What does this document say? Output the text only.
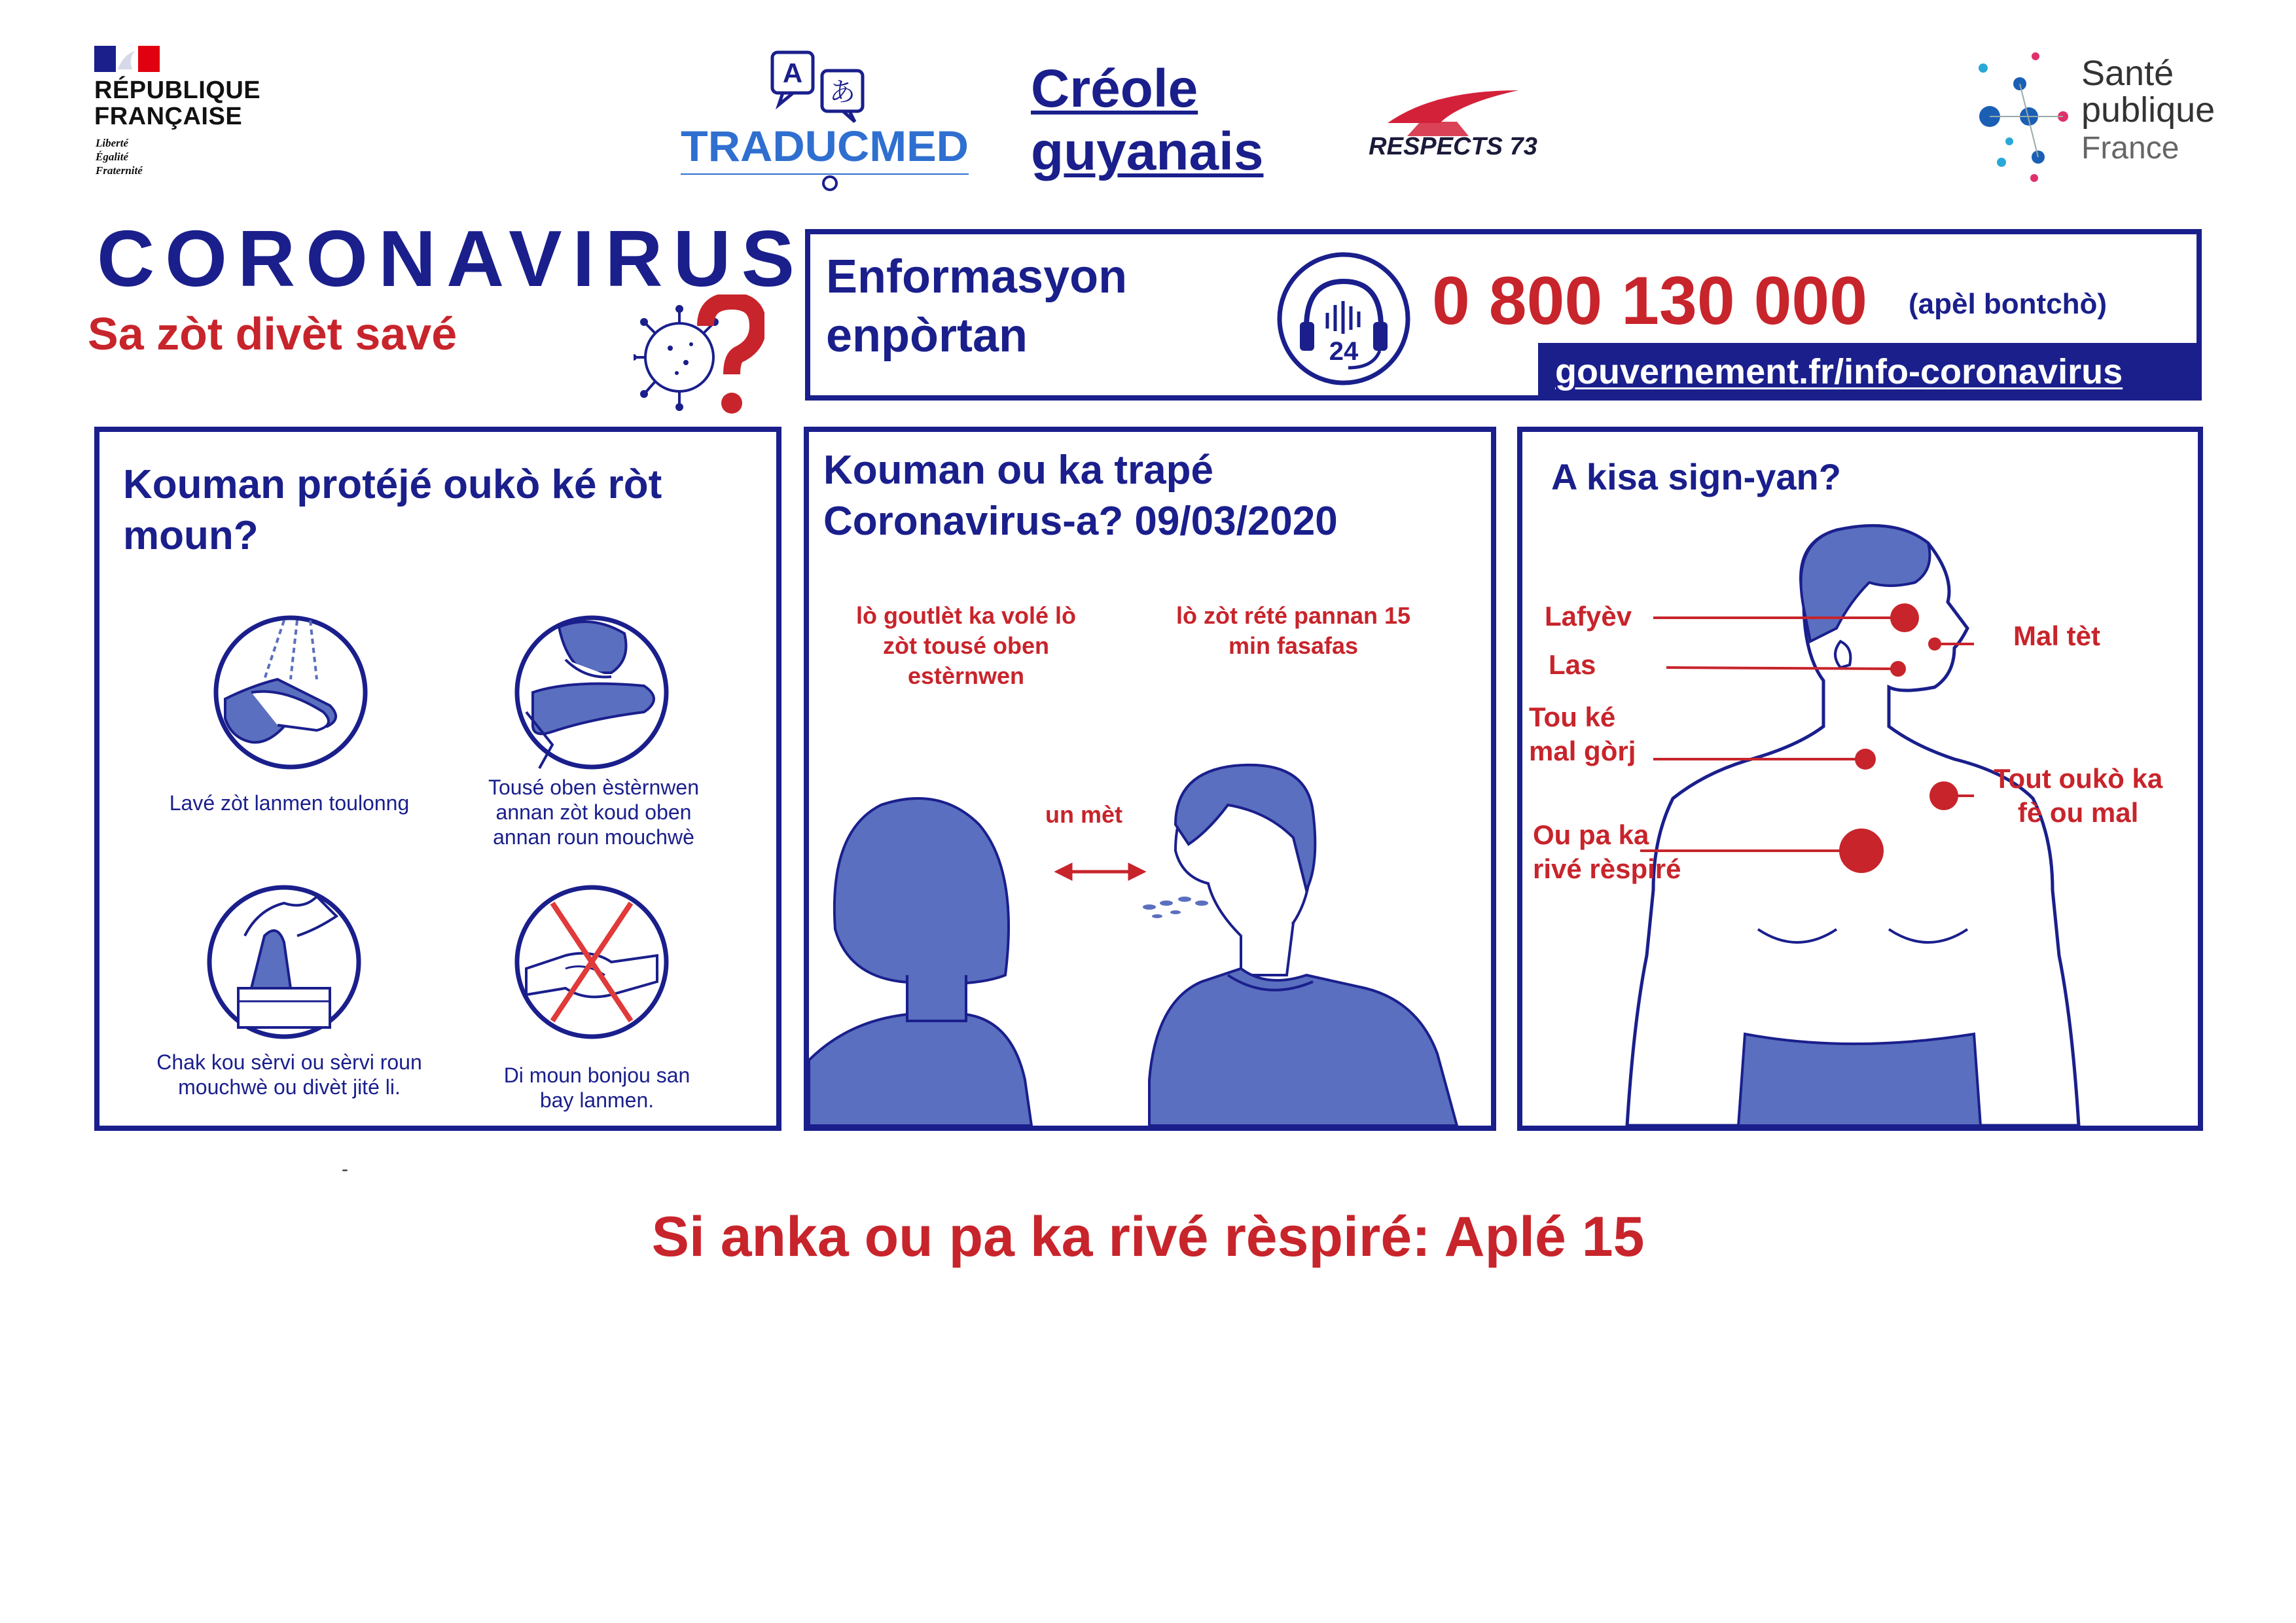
RÉPUBLIQUE
FRANÇAISE
Liberté
Égalité
Fraternité
A
あ
TRADUCMED
Créole
guyanais	RESPECTS 73
Santé
publique
France
CORONAVIRUS
Sa zòt divèt savé
Enformasyon
enpòrtan	24
0 800 130 000 (apèl bontchò)
gouvernement.fr/info-coronavirus
Kouman protéjé oukò ké ròt
moun?
Lavé zòt lanmen toulonng
Tousé oben èstèrnwen
annan zòt koud oben
annan roun mouchwè
Chak kou sèrvi ou sèrvi roun
mouchwè ou divèt jité li.	Di moun bonjou san
bay lanmen.
Kouman ou ka trapé
Coronavirus-a? 09/03/2020
lò goutlèt ka volé lò
zòt tousé oben
estèrnwen
lò zòt rété pannan 15
min fasafas
un mèt
A kisa sign-yan?
Lafyèv
Las
Tou ké
mal gòrj
Ou pa ka
rivé rèspiré
Mal tèt
Tout oukò ka
fè ou mal
-
Si anka ou pa ka rivé rèspiré: Aplé 15
